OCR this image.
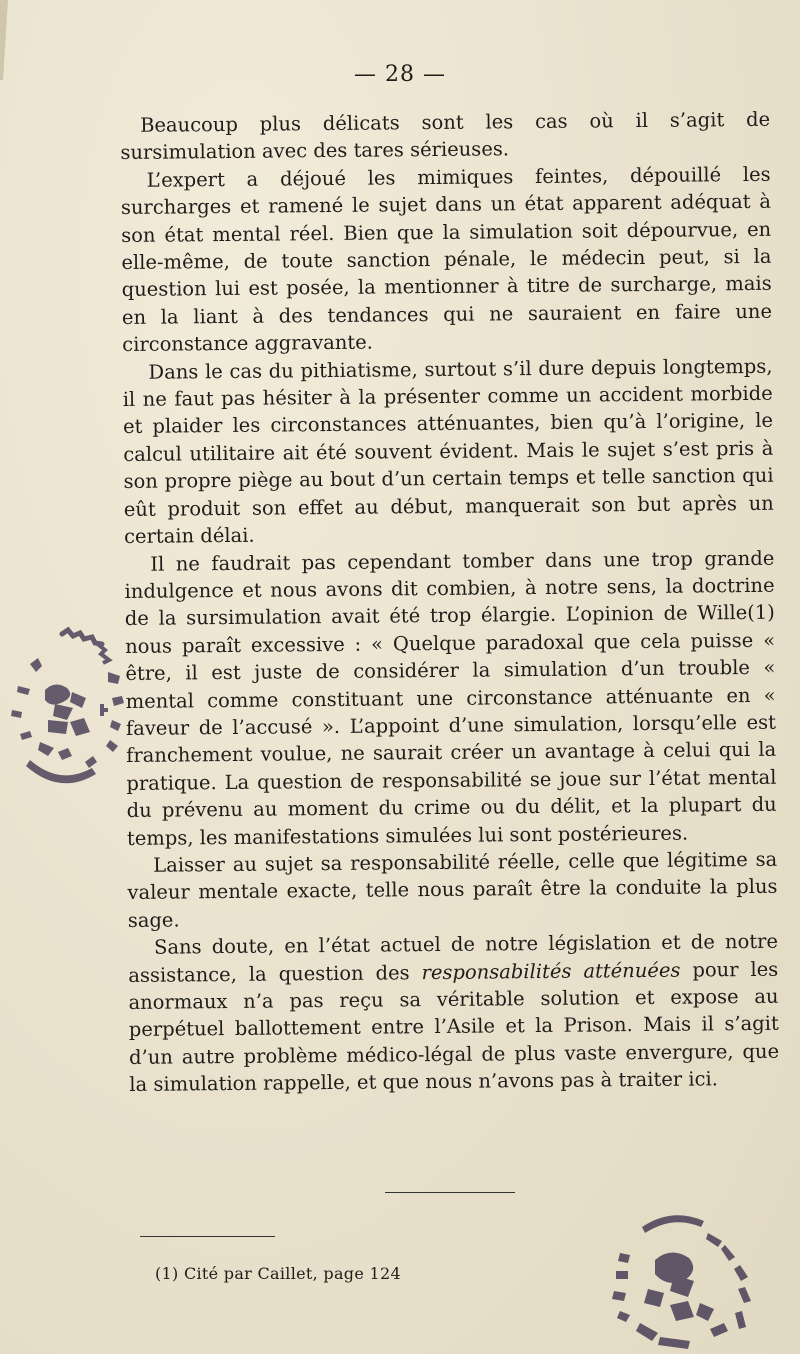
— 28 —

Beaucoup plus délicats sont les cas où il s’agit de sursimulation avec des tares sérieuses.

L’expert a déjoué les mimiques feintes, dépouillé les surcharges et ramené le sujet dans un état apparent adéquat à son état mental réel. Bien que la simulation soit dépourvue, en elle-même, de toute sanction pénale, le médecin peut, si la question lui est posée, la mentionner à titre de surcharge, mais en la liant à des tendances qui ne sauraient en faire une circonstance aggravante.

Dans le cas du pithiatisme, surtout s’il dure depuis longtemps, il ne faut pas hésiter à la présenter comme un accident morbide et plaider les circonstances atténuantes, bien qu’à l’origine, le calcul utilitaire ait été souvent évident. Mais le sujet s’est pris à son propre piège au bout d’un certain temps et telle sanction qui eût produit son effet au début, manquerait son but après un certain délai.

Il ne faudrait pas cependant tomber dans une trop grande indulgence et nous avons dit combien, à notre sens, la doctrine de la sursimulation avait été trop élargie. L’opinion de Wille(1) nous paraît excessive : « Quelque paradoxal que cela puisse « être, il est juste de considérer la simulation d’un trouble « mental comme constituant une circonstance atténuante en « faveur de l’accusé ». L’appoint d’une simulation, lorsqu’elle est franchement voulue, ne saurait créer un avantage à celui qui la pratique. La question de responsabilité se joue sur l’état mental du prévenu au moment du crime ou du délit, et la plupart du temps, les manifestations simulées lui sont postérieures.

Laisser au sujet sa responsabilité réelle, celle que légitime sa valeur mentale exacte, telle nous paraît être la conduite la plus sage.

Sans doute, en l’état actuel de notre législation et de notre assistance, la question des responsabilités atténuées pour les anormaux n’a pas reçu sa véritable solution et expose au perpétuel ballottement entre l’Asile et la Prison. Mais il s’agit d’un autre problème médico-légal de plus vaste envergure, que la simulation rappelle, et que nous n’avons pas à traiter ici.

(1) Cité par Caillet, page 124
Bibliothèque de la Faculté de Médecine de Paris
Faculté de Médecine de Paris
